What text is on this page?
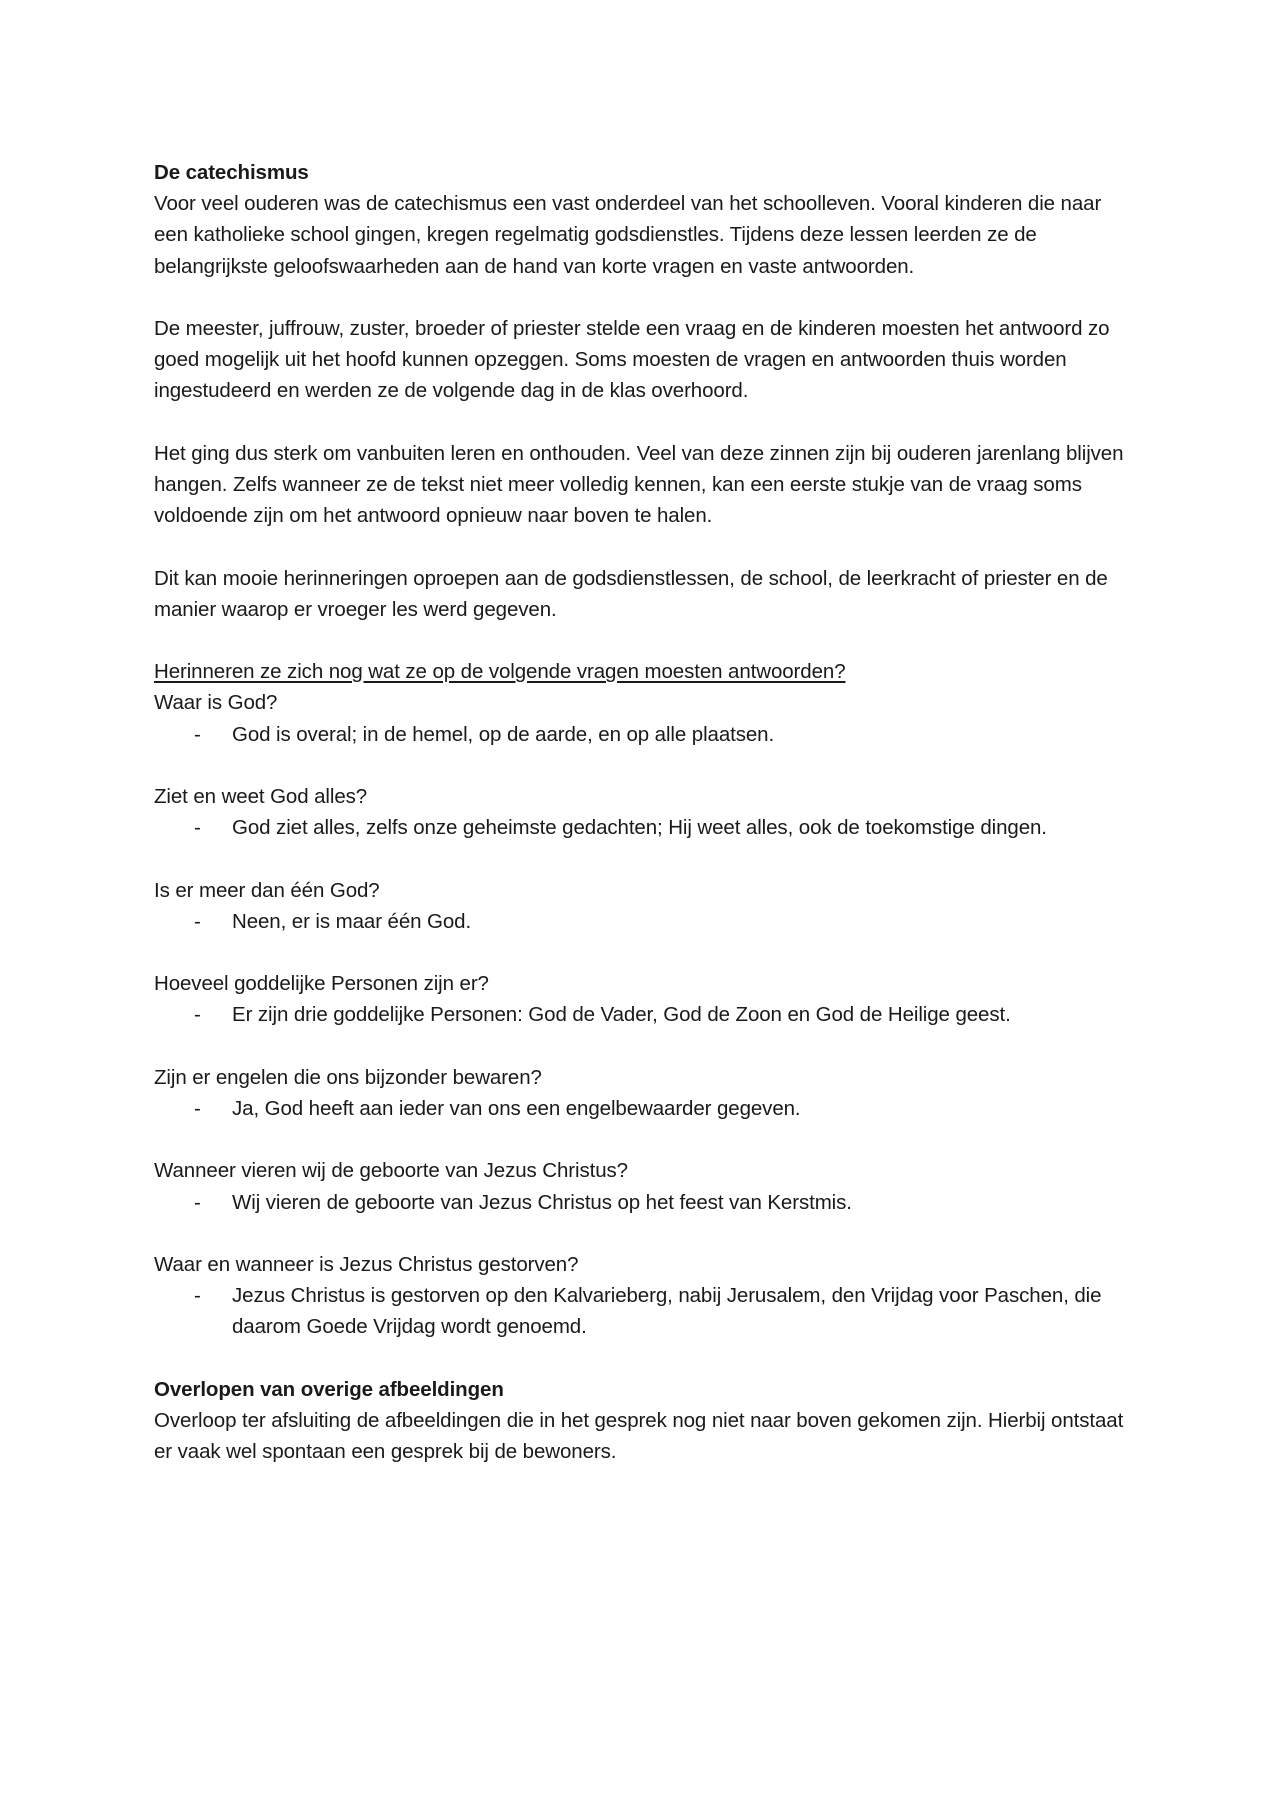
De catechismus

Voor veel ouderen was de catechismus een vast onderdeel van het schoolleven. Vooral kinderen die naar een katholieke school gingen, kregen regelmatig godsdienstles. Tijdens deze lessen leerden ze de belangrijkste geloofswaarheden aan de hand van korte vragen en vaste antwoorden.

De meester, juffrouw, zuster, broeder of priester stelde een vraag en de kinderen moesten het antwoord zo goed mogelijk uit het hoofd kunnen opzeggen. Soms moesten de vragen en antwoorden thuis worden ingestudeerd en werden ze de volgende dag in de klas overhoord.

Het ging dus sterk om vanbuiten leren en onthouden. Veel van deze zinnen zijn bij ouderen jarenlang blijven hangen. Zelfs wanneer ze de tekst niet meer volledig kennen, kan een eerste stukje van de vraag soms voldoende zijn om het antwoord opnieuw naar boven te halen.

Dit kan mooie herinneringen oproepen aan de godsdienstlessen, de school, de leerkracht of priester en de manier waarop er vroeger les werd gegeven.

Herinneren ze zich nog wat ze op de volgende vragen moesten antwoorden?

Waar is God?

- God is overal; in de hemel, op de aarde, en op alle plaatsen.

Ziet en weet God alles?

- God ziet alles, zelfs onze geheimste gedachten; Hij weet alles, ook de toekomstige dingen.

Is er meer dan één God?

- Neen, er is maar één God.

Hoeveel goddelijke Personen zijn er?

- Er zijn drie goddelijke Personen: God de Vader, God de Zoon en God de Heilige geest.

Zijn er engelen die ons bijzonder bewaren?

- Ja, God heeft aan ieder van ons een engelbewaarder gegeven.

Wanneer vieren wij de geboorte van Jezus Christus?

- Wij vieren de geboorte van Jezus Christus op het feest van Kerstmis.

Waar en wanneer is Jezus Christus gestorven?

- Jezus Christus is gestorven op den Kalvarieberg, nabij Jerusalem, den Vrijdag voor Paschen, die daarom Goede Vrijdag wordt genoemd.

Overlopen van overige afbeeldingen

Overloop ter afsluiting de afbeeldingen die in het gesprek nog niet naar boven gekomen zijn. Hierbij ontstaat er vaak wel spontaan een gesprek bij de bewoners.
